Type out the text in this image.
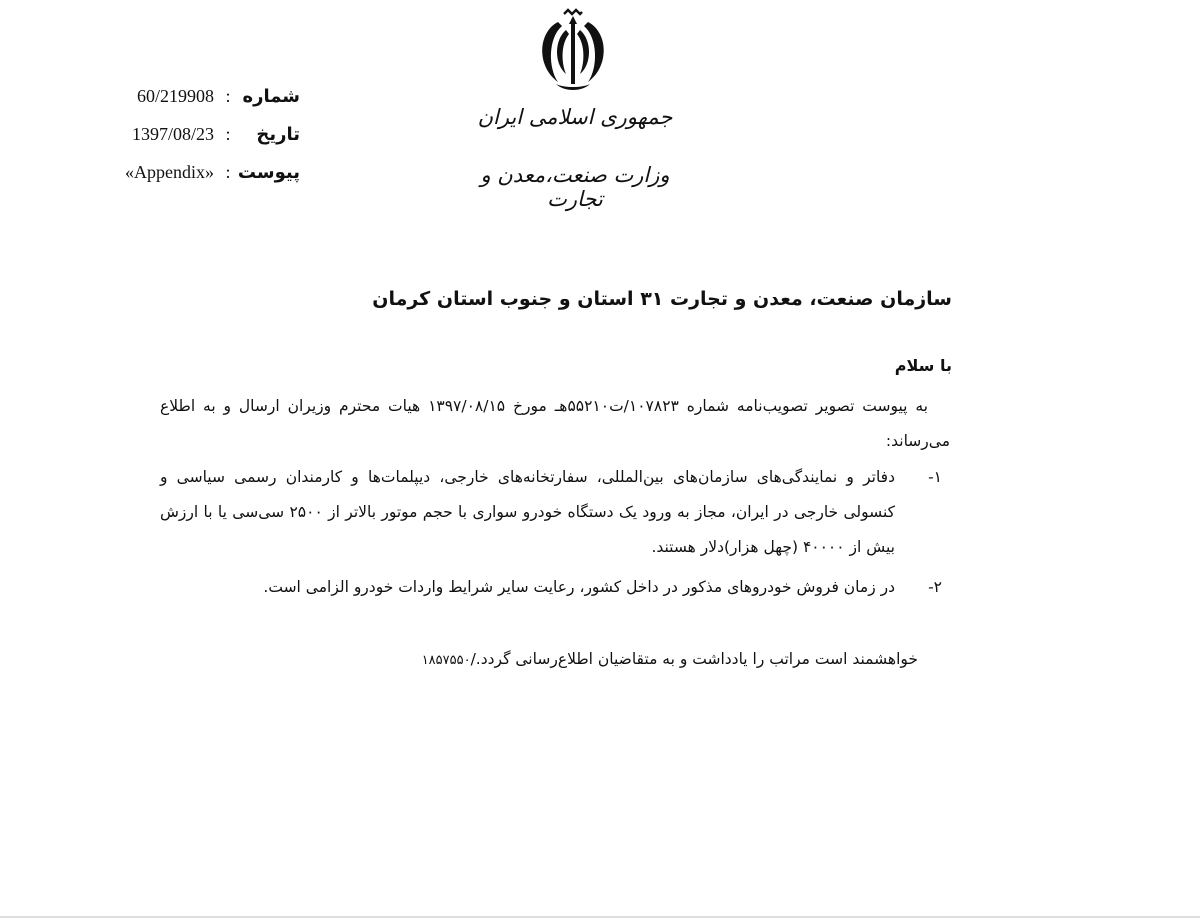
شماره
:
60/219908
تاریخ
:
1397/08/23
پیوست
:
«Appendix»
جمهوری اسلامی ایران
وزارت صنعت،معدن و تجارت
سازمان صنعت، معدن و تجارت ۳۱ استان و جنوب استان کرمان
با سلام
به پیوست تصویر تصویب‌نامه شماره ۱۰۷۸۲۳/ت۵۵۲۱۰هـ مورخ ۱۳۹۷/۰۸/۱۵ هیات محترم وزیران ارسال و به اطلاع می‌رساند:
۱-
دفاتر و نمایندگی‌های سازمان‌های بین‌المللی، سفارتخانه‌های خارجی، دیپلمات‌ها و کارمندان رسمی سیاسی و کنسولی خارجی در ایران، مجاز به ورود یک دستگاه خودرو سواری با حجم موتور بالاتر از ۲۵۰۰ سی‌سی یا با ارزش بیش از ۴۰۰۰۰ (چهل هزار)دلار هستند.
۲-
در زمان فروش خودروهای مذکور در داخل کشور، رعایت سایر شرایط واردات خودرو الزامی است.
خواهشمند است مراتب را یادداشت و به متقاضیان اطلاع‌رسانی گردد./۱۸۵۷۵۵۰
